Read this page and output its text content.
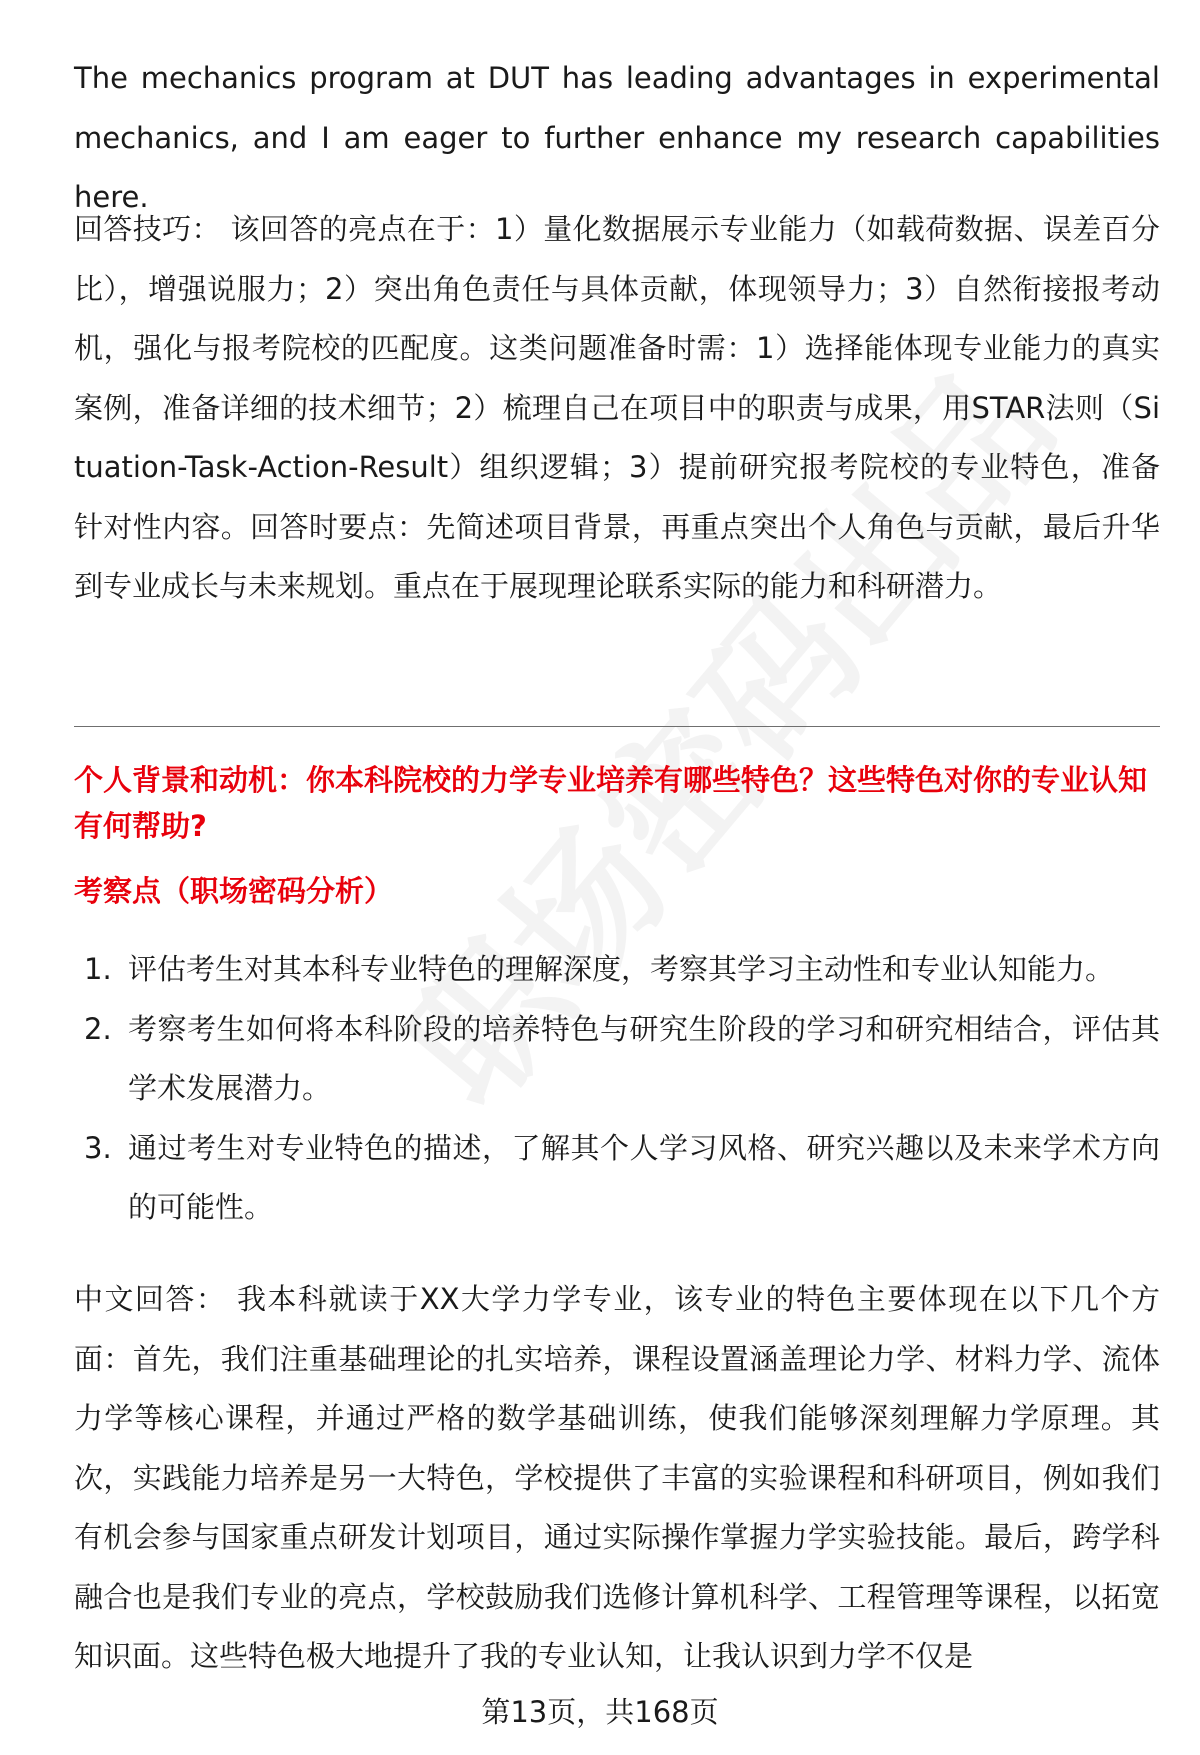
The mechanics program at DUT has leading advantages in experimental mechanics, and I am eager to further enhance my research capabilities here.

回答技巧： 该回答的亮点在于：1）量化数据展示专业能力（如载荷数据、误差百分比），增强说服力；2）突出角色责任与具体贡献，体现领导力；3）自然衔接报考动机，强化与报考院校的匹配度。这类问题准备时需：1）选择能体现专业能力的真实案例，准备详细的技术细节；2）梳理自己在项目中的职责与成果，用STAR法则（Situation-Task-Action-Result）组织逻辑；3）提前研究报考院校的专业特色，准备针对性内容。回答时要点：先简述项目背景，再重点突出个人角色与贡献，最后升华到专业成长与未来规划。重点在于展现理论联系实际的能力和科研潜力。

个人背景和动机：你本科院校的力学专业培养有哪些特色？这些特色对你的专业认知有何帮助?
考察点（职场密码分析）
1. 评估考生对其本科专业特色的理解深度，考察其学习主动性和专业认知能力。
2. 考察考生如何将本科阶段的培养特色与研究生阶段的学习和研究相结合，评估其学术发展潜力。
3. 通过考生对专业特色的描述，了解其个人学习风格、研究兴趣以及未来学术方向的可能性。

中文回答： 我本科就读于XX大学力学专业，该专业的特色主要体现在以下几个方面：首先，我们注重基础理论的扎实培养，课程设置涵盖理论力学、材料力学、流体力学等核心课程，并通过严格的数学基础训练，使我们能够深刻理解力学原理。其次，实践能力培养是另一大特色，学校提供了丰富的实验课程和科研项目，例如我们有机会参与国家重点研发计划项目，通过实际操作掌握力学实验技能。最后，跨学科融合也是我们专业的亮点，学校鼓励我们选修计算机科学、工程管理等课程，以拓宽知识面。这些特色极大地提升了我的专业认知，让我认识到力学不仅是

第13页，共168页
